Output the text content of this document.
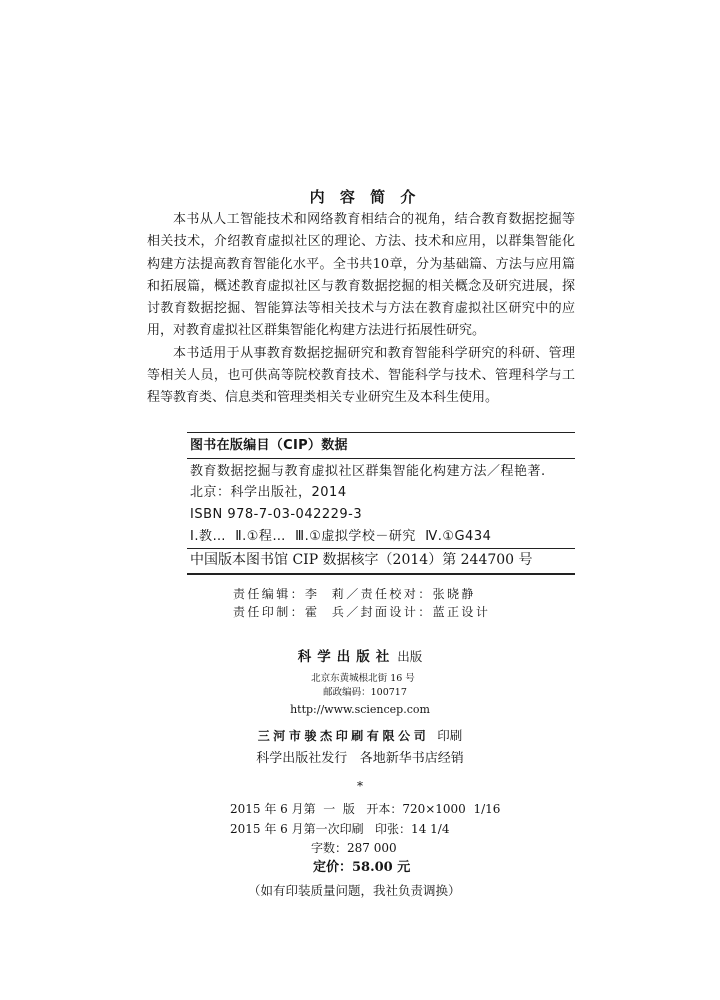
内 容 简 介
本书从人工智能技术和网络教育相结合的视角，结合教育数据挖掘等
相关技术，介绍教育虚拟社区的理论、方法、技术和应用，以群集智能化
构建方法提高教育智能化水平。全书共10章，分为基础篇、方法与应用篇
和拓展篇，概述教育虚拟社区与教育数据挖掘的相关概念及研究进展，探
讨教育数据挖掘、智能算法等相关技术与方法在教育虚拟社区研究中的应
用，对教育虚拟社区群集智能化构建方法进行拓展性研究。
本书适用于从事教育数据挖掘研究和教育智能科学研究的科研、管理
等相关人员，也可供高等院校教育技术、智能科学与技术、管理科学与工
程等教育类、信息类和管理类相关专业研究生及本科生使用。
图书在版编目（CIP）数据
教育数据挖掘与教育虚拟社区群集智能化构建方法／程艳著.
北京：科学出版社，2014
ISBN 978-7-03-042229-3
Ⅰ.教…  Ⅱ.①程…  Ⅲ.①虚拟学校－研究  Ⅳ.①G434
中国版本图书馆 CIP 数据核字（2014）第 244700 号
责任编辑：李  莉／责任校对：张晓静
责任印制：霍  兵／封面设计：蓝正设计
科学出版社 出版
北京东黄城根北街 16 号
邮政编码：100717
http://www.sciencep.com
三河市骏杰印刷有限公司 印刷
科学出版社发行   各地新华书店经销
*
2015 年 6 月第  一  版   开本：720×1000  1/16
2015 年 6 月第一次印刷   印张：14 1/4
字数：287 000
定价：58.00 元
（如有印装质量问题，我社负责调换）
